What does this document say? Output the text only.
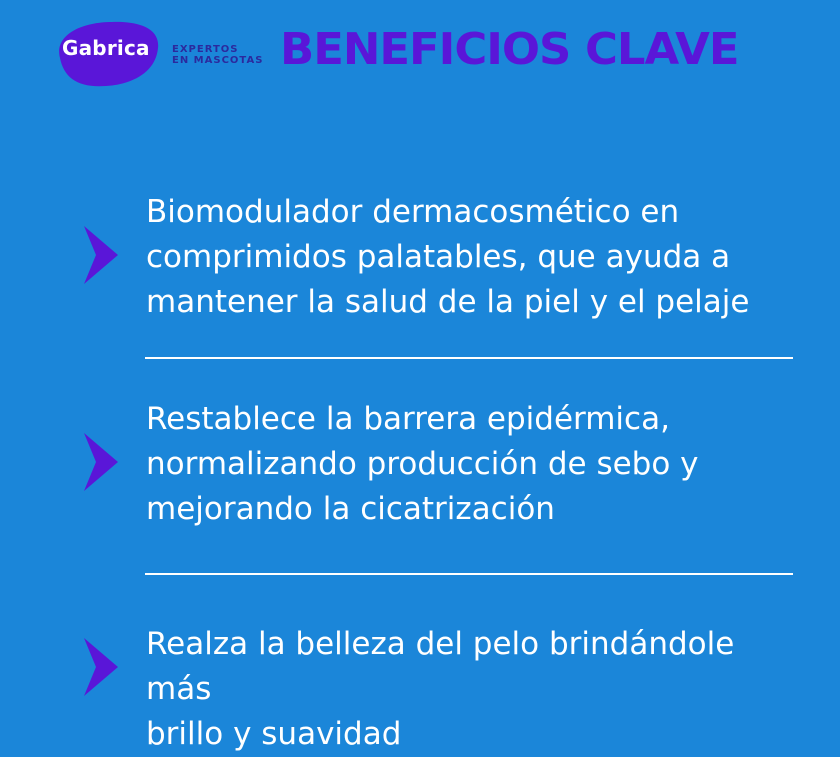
Gabrica EXPERTOS
EN MASCOTAS BENEFICIOS CLAVE
Biomodulador dermacosmético en
comprimidos palatables, que ayuda a
mantener la salud de la piel y el pelaje
Restablece la barrera epidérmica,
normalizando producción de sebo y
mejorando la cicatrización
Realza la belleza del pelo brindándole más
brillo y suavidad
